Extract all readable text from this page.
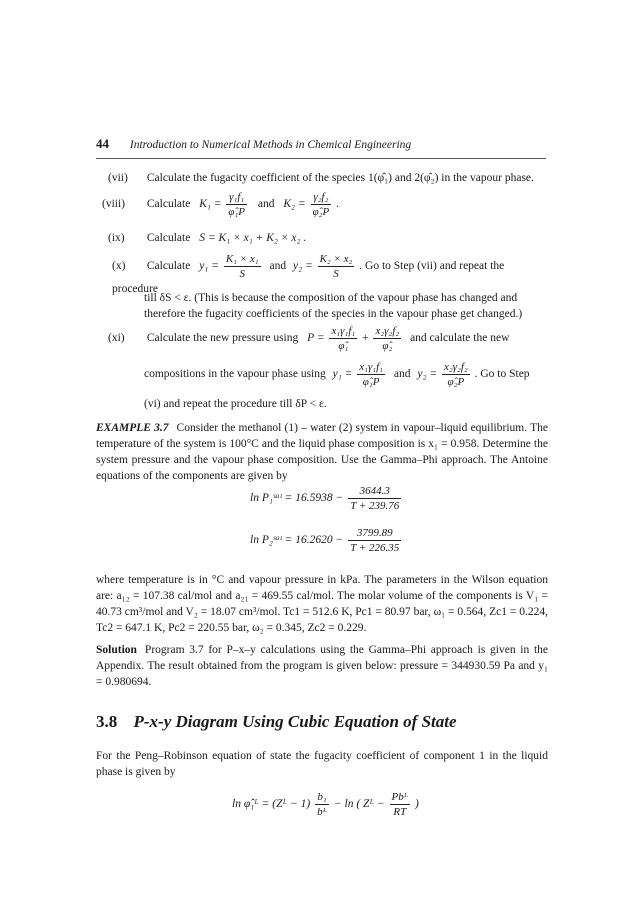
44 Introduction to Numerical Methods in Chemical Engineering
(vii) Calculate the fugacity coefficient of the species 1(φ̂₁) and 2(φ̂₂) in the vapour phase.
(viii) Calculate $K_1 = \frac{\text{γ₁f₁}}{\text{φ̂₁P}}$ and $K_2 = \frac{\text{γ₂f₂}}{\text{φ̂₂P}}$ .
(ix) Calculate S = K₁ × x₁ + K₂ × x₂ .
(x) Calculate $y_1 = \frac{\text{K₁ × x₁}}{S}$ and $y_2 = \frac{\text{K₂ × x₂}}{S}$ . Go to Step (vii) and repeat the procedure
till δS < ε. (This is because the composition of the vapour phase has changed and
therefore the fugacity coefficients of the species in the vapour phase get changed.)
(xi) Calculate the new pressure using $P = \frac{\text{x₁γ₁f₁}}{\text{φ̂₁}} + \frac{\text{x₂γ₂f₂}}{\text{φ̂₂}}$ and calculate the new
compositions in the vapour phase using $y_1 = \frac{\text{x₁γ₁f₁}}{\text{φ̂₁P}}$ and $y_2 = \frac{\text{x₂γ₂f₂}}{\text{φ̂₂P}}$ . Go to Step
(vi) and repeat the procedure till δP < ε.
EXAMPLE 3.7 Consider the methanol (1) – water (2) system in vapour–liquid equilibrium. The temperature of the system is 100°C and the liquid phase composition is x₁ = 0.958. Determine the system pressure and the vapour phase composition. Use the Gamma–Phi approach. The Antoine equations of the components are given by
ln P₁ˢᵃᵗ = $16.5938 - \frac{3644.3}{T + 239.76}$
ln P₂ˢᵃᵗ = $16.2620 - \frac{3799.89}{T + 226.35}$
where temperature is in °C and vapour pressure in kPa. The parameters in the Wilson equation are: a₁₂ = 107.38 cal/mol and a₂₁ = 469.55 cal/mol. The molar volume of the components is V₁ = 40.73 cm³/mol and V₂ = 18.07 cm³/mol. Tc1 = 512.6 K, Pc1 = 80.97 bar, ω₁ = 0.564, Zc1 = 0.224, Tc2 = 647.1 K, Pc2 = 220.55 bar, ω₂ = 0.345, Zc2 = 0.229.
Solution Program 3.7 for P–x–y calculations using the Gamma–Phi approach is given in the Appendix. The result obtained from the program is given below: pressure = 344930.59 Pa and y₁ = 0.980694.
3.8 P-x-y Diagram Using Cubic Equation of State
For the Peng–Robinson equation of state the fugacity coefficient of component 1 in the liquid phase is given by
ln φ̂₁ᴸ = (Zᴸ − $1) \frac{\text{b₁}}{\text{bᴸ}} - \ln$ ( Zᴸ − $\frac{\text{Pbᴸ}}{RT}$ )
